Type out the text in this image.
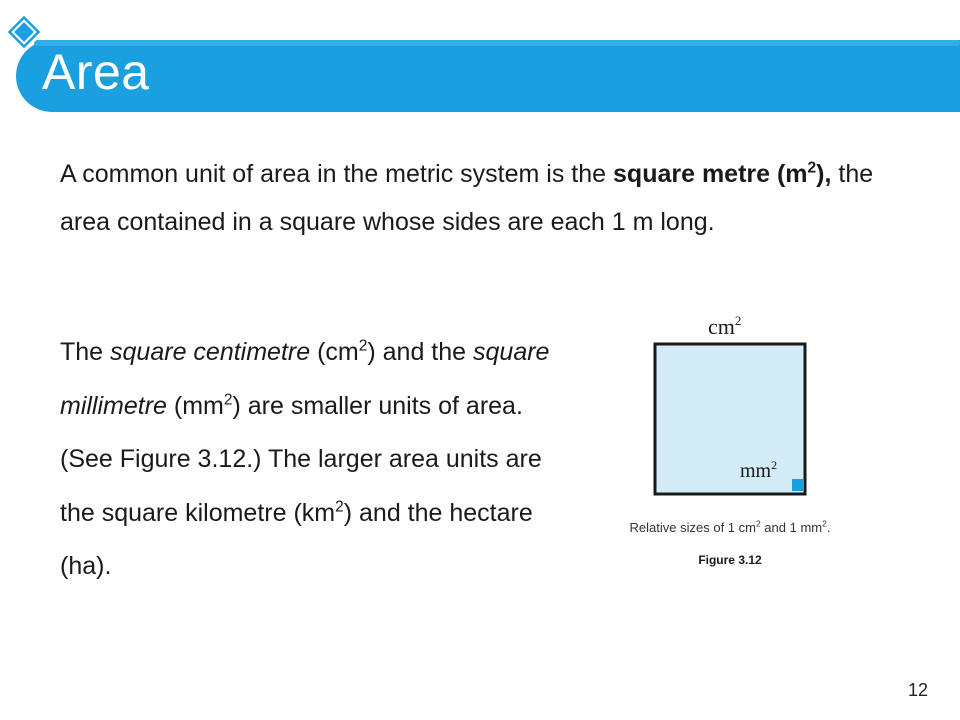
Area
A common unit of area in the metric system is the square metre $(m^2)$, the area contained in a square whose sides are each 1 m long.
The square centimetre $(cm^2)$ and the square millimetre $(mm^2)$ are smaller units of area. (See Figure 3.12.) The larger area units are the square kilometre $(km^2)$ and the hectare (ha).
$cm^2$
$mm^2$
Relative sizes of 1 $cm^2$ and 1 $mm^2$.
Figure 3.12
12
